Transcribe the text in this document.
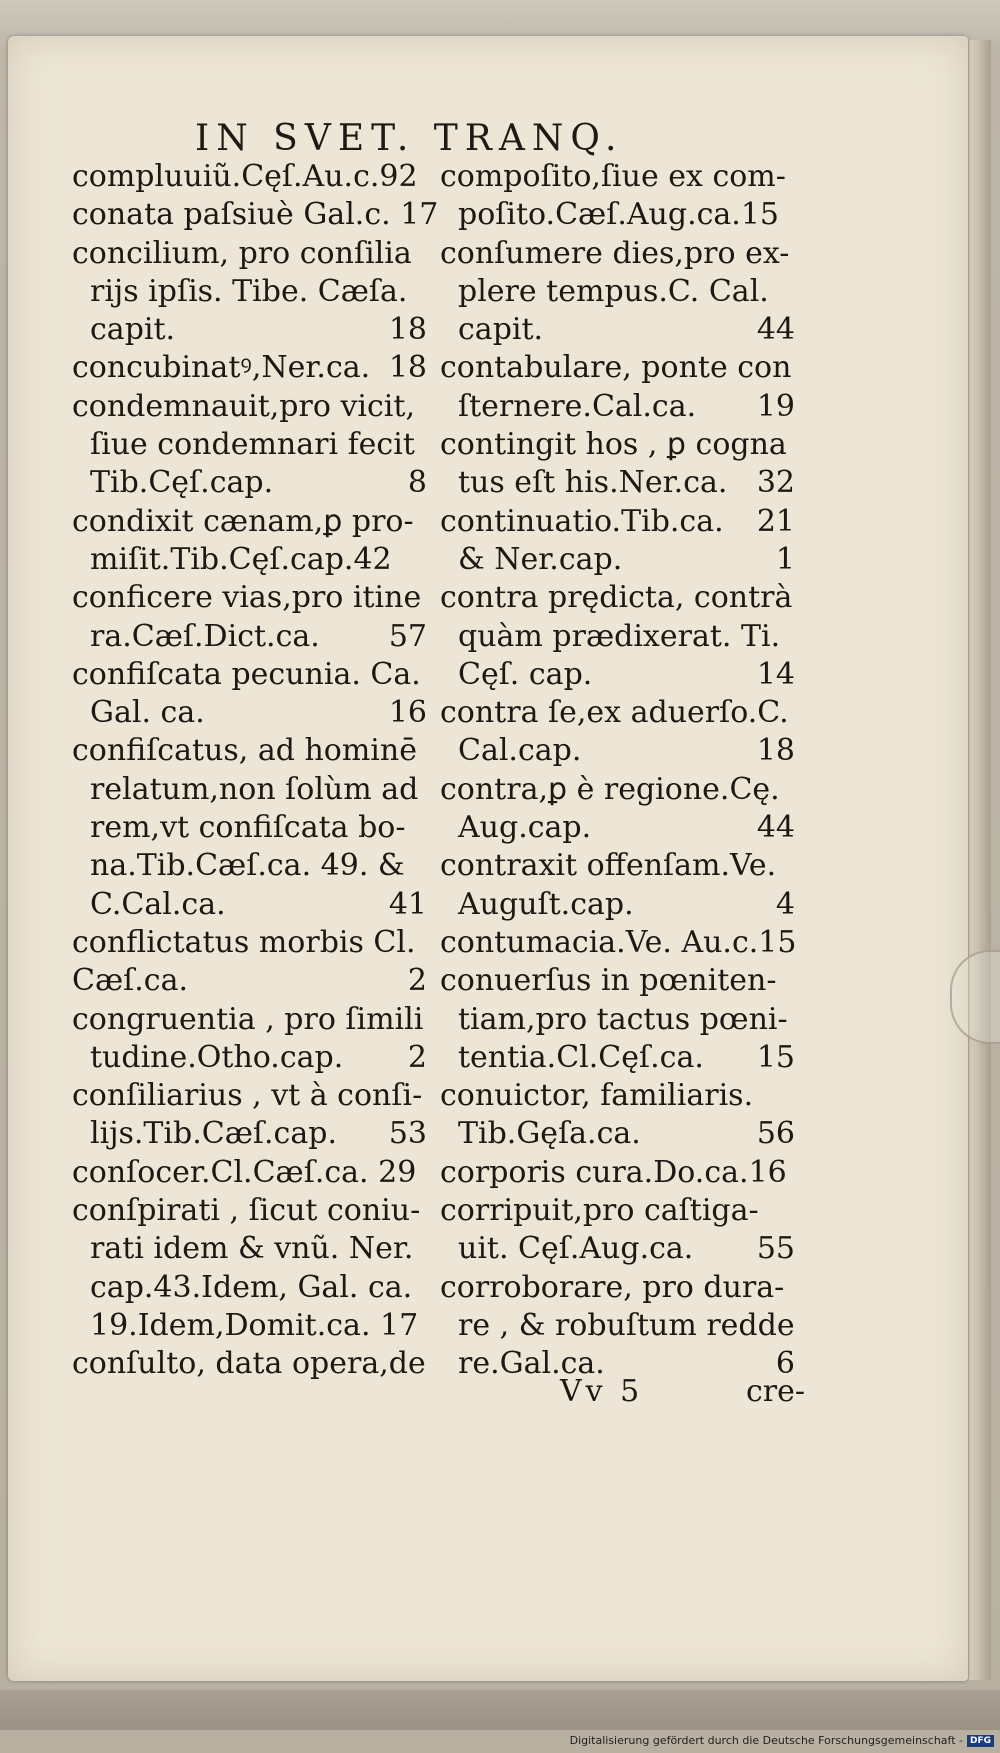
IN SVET. TRANQ.
compluuiũ.Cęſ.Au.c.92
conata paſsiuè Gal.c. 17
concilium, pro conſilia
rijs ipſis. Tibe. Cæſa.
capit.	18
concubinatꝰ,Ner.ca. 18
condemnauit,pro vicit,
ſiue condemnari fecit
Tib.Cęſ.cap.	8
condixit cænam,ꝑ pro-
miſit.Tib.Cęſ.cap.42
conficere vias,pro itine
ra.Cæſ.Dict.ca. 57
confiſcata pecunia. Ca.
Gal. ca.	16
confiſcatus, ad hominē
relatum,non ſolùm ad
rem,vt confiſcata bo-
na.Tib.Cæſ.ca. 49. &
C.Cal.ca.	41
conflictatus morbis Cl.
Cæſ.ca.	2
congruentia , pro ſimili
tudine.Otho.cap. 2
conſiliarius , vt à conſi-
lijs.Tib.Cæſ.cap. 53
conſocer.Cl.Cæſ.ca. 29
conſpirati , ſicut coniu-
rati idem & vnũ. Ner.
cap.43.Idem, Gal. ca.
19.Idem,Domit.ca. 17
conſulto, data opera,de
compoſito,ſiue ex com-
poſito.Cæſ.Aug.ca.15
conſumere dies,pro ex-
plere tempus.C. Cal.
capit.	44
contabulare, ponte con
ſternere.Cal.ca. 19
contingit hos , ꝑ cogna
tus eſt his.Ner.ca. 32
continuatio.Tib.ca. 21
& Ner.cap.	1
contra prędicta, contrà
quàm prædixerat. Ti.
Cęſ. cap.	14
contra ſe,ex aduerſo.C.
Cal.cap.	18
contra,ꝑ è regione.Cę.
Aug.cap.	44
contraxit offenſam.Ve.
Auguſt.cap.	4
contumacia.Ve. Au.c.15
conuerſus in pœniten-
tiam,pro tactus pœni-
tentia.Cl.Cęſ.ca. 15
conuictor, familiaris.
Tib.Gęſa.ca.	56
corporis cura.Do.ca.16
corripuit,pro caſtiga-
uit. Cęſ.Aug.ca. 55
corroborare, pro dura-
re , & robuſtum redde
re.Gal.ca.	6
Vv 5	cre-
Digitalisierung gefördert durch die Deutsche Forschungsgemeinschaft - DFG
